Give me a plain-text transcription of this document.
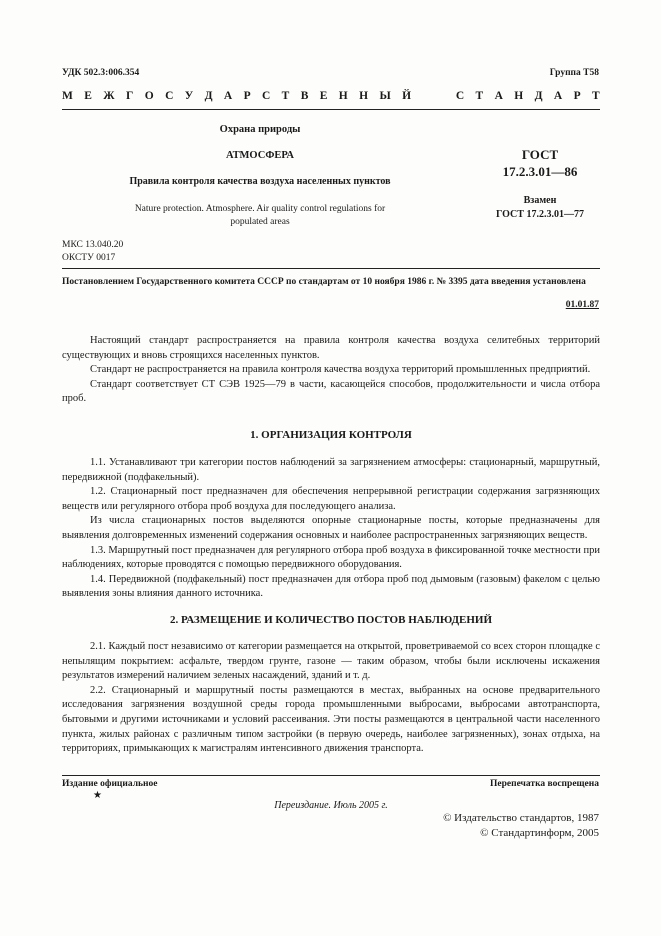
УДК 502.3:006.354	Группа Т58
М Е Ж Г О С У Д А Р С Т В Е Н Н Ы Й	С Т А Н Д А Р Т
Охрана природы
АТМОСФЕРА
Правила контроля качества воздуха населенных пунктов
Nature protection. Atmosphere. Air quality control regulations for populated areas
ГОСТ
17.2.3.01—86
Взамен
ГОСТ 17.2.3.01—77
МКС 13.040.20
ОКСТУ 0017
Постановлением Государственного комитета СССР по стандартам от 10 ноября 1986 г. № 3395 дата введения установлена
01.01.87

Настоящий стандарт распространяется на правила контроля качества воздуха селитебных территорий существующих и вновь строящихся населенных пунктов.

Стандарт не распространяется на правила контроля качества воздуха территорий промышленных предприятий.

Стандарт соответствует СТ СЭВ 1925—79 в части, касающейся способов, продолжительности и числа отбора проб.

1. ОРГАНИЗАЦИЯ КОНТРОЛЯ

1.1. Устанавливают три категории постов наблюдений за загрязнением атмосферы: стационарный, маршрутный, передвижной (подфакельный).

1.2. Стационарный пост предназначен для обеспечения непрерывной регистрации содержания загрязняющих веществ или регулярного отбора проб воздуха для последующего анализа.

Из числа стационарных постов выделяются опорные стационарные посты, которые предназначены для выявления долговременных изменений содержания основных и наиболее распространенных загрязняющих веществ.

1.3. Маршрутный пост предназначен для регулярного отбора проб воздуха в фиксированной точке местности при наблюдениях, которые проводятся с помощью передвижного оборудования.

1.4. Передвижной (подфакельный) пост предназначен для отбора проб под дымовым (газовым) факелом с целью выявления зоны влияния данного источника.

2. РАЗМЕЩЕНИЕ И КОЛИЧЕСТВО ПОСТОВ НАБЛЮДЕНИЙ

2.1. Каждый пост независимо от категории размещается на открытой, проветриваемой со всех сторон площадке с непылящим покрытием: асфальте, твердом грунте, газоне — таким образом, чтобы были исключены искажения результатов измерений наличием зеленых насаждений, зданий и т. д.

2.2. Стационарный и маршрутный посты размещаются в местах, выбранных на основе предварительного исследования загрязнения воздушной среды города промышленными выбросами, выбросами автотранспорта, бытовыми и другими источниками и условий рассеивания. Эти посты размещаются в центральной части населенного пункта, жилых районах с различным типом застройки (в первую очередь, наиболее загрязненных), зонах отдыха, на территориях, примыкающих к магистралям интенсивного движения транспорта.

Издание официальное	Перепечатка воспрещена
★
Переиздание. Июль 2005 г.
© Издательство стандартов, 1987
© Стандартинформ, 2005
